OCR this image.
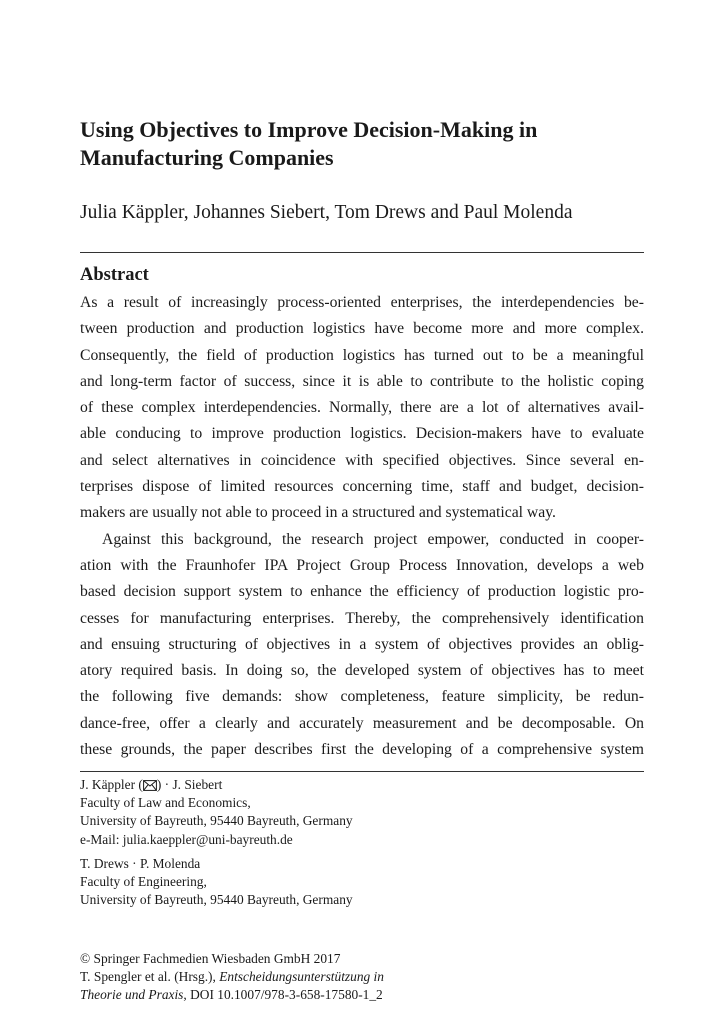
Using Objectives to Improve Decision-Making in
Manufacturing Companies
Julia Käppler, Johannes Siebert, Tom Drews and Paul Molenda
Abstract
As a result of increasingly process-oriented enterprises, the interdependencies be-
tween production and production logistics have become more and more complex.
Consequently, the field of production logistics has turned out to be a meaningful
and long-term factor of success, since it is able to contribute to the holistic coping
of these complex interdependencies. Normally, there are a lot of alternatives avail-
able conducing to improve production logistics. Decision-makers have to evaluate
and select alternatives in coincidence with specified objectives. Since several en-
terprises dispose of limited resources concerning time, staff and budget, decision-
makers are usually not able to proceed in a structured and systematical way.
Against this background, the research project empower, conducted in cooper-
ation with the Fraunhofer IPA Project Group Process Innovation, develops a web
based decision support system to enhance the efficiency of production logistic pro-
cesses for manufacturing enterprises. Thereby, the comprehensively identification
and ensuing structuring of objectives in a system of objectives provides an oblig-
atory required basis. In doing so, the developed system of objectives has to meet
the following five demands: show completeness, feature simplicity, be redun-
dance-free, offer a clearly and accurately measurement and be decomposable. On
these grounds, the paper describes first the developing of a comprehensive system
J. Käppler ( ) · J. Siebert
Faculty of Law and Economics,
University of Bayreuth, 95440 Bayreuth, Germany
e-Mail: julia.kaeppler@uni-bayreuth.de
T. Drews · P. Molenda
Faculty of Engineering,
University of Bayreuth, 95440 Bayreuth, Germany
© Springer Fachmedien Wiesbaden GmbH 2017
T. Spengler et al. (Hrsg.), Entscheidungsunterstützung in
Theorie und Praxis, DOI 10.1007/978-3-658-17580-1_2
